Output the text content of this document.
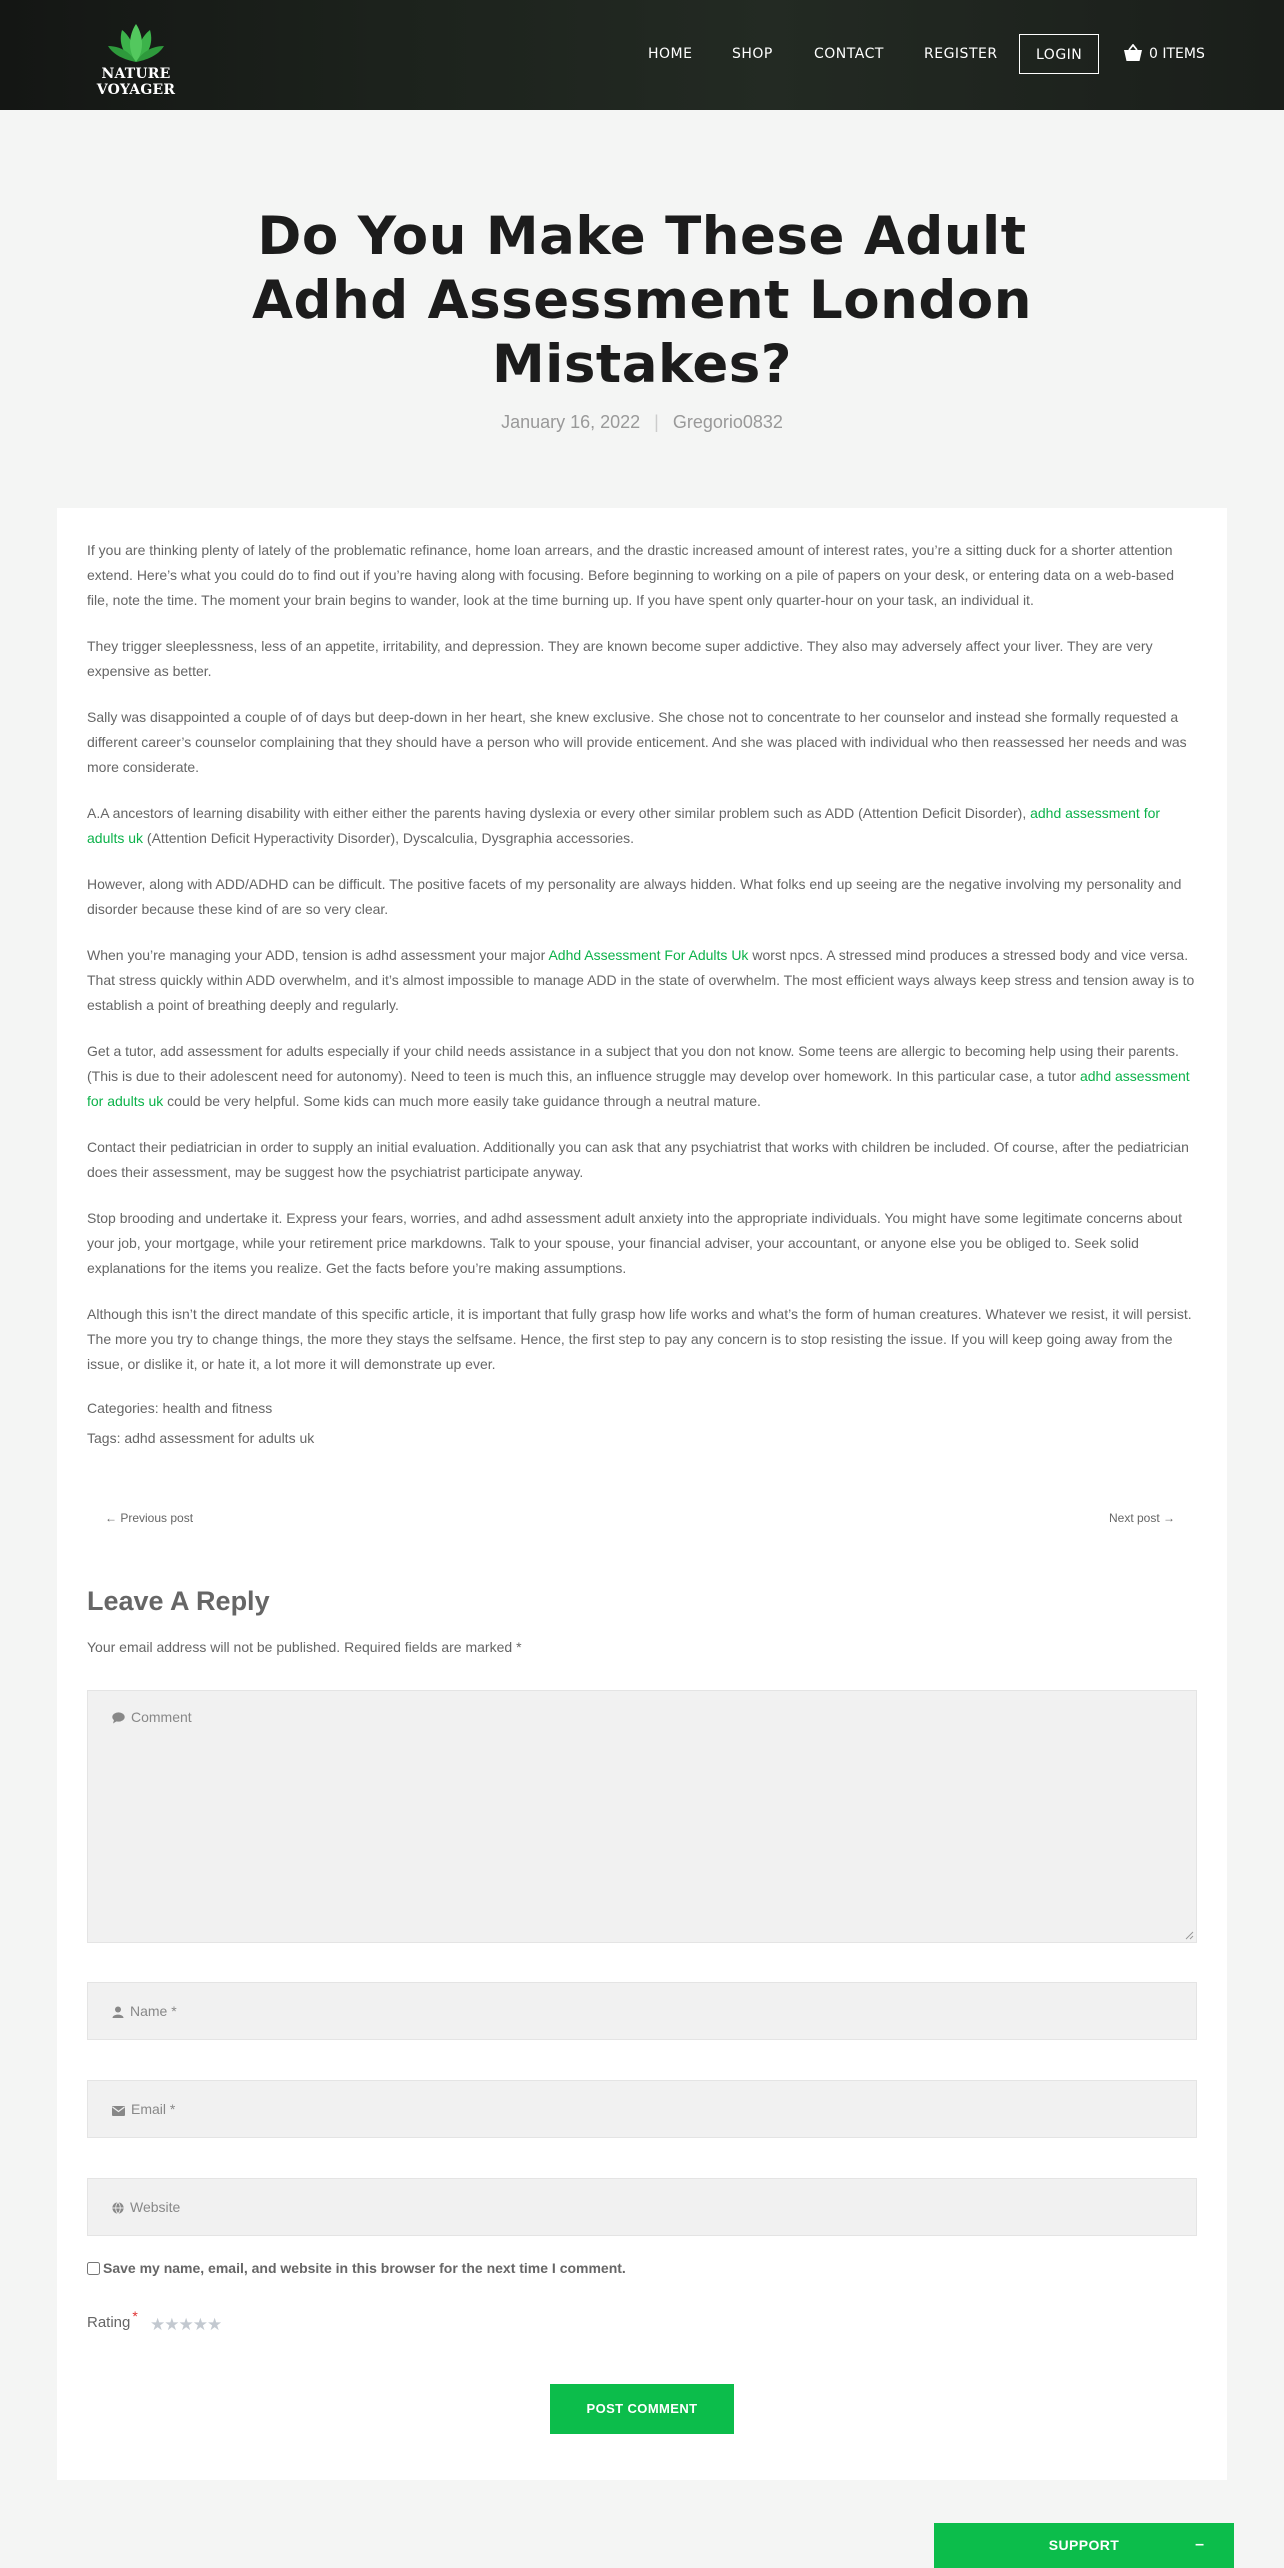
NATURE VOYAGER
HOME	SHOP	CONTACT	REGISTER	LOGIN	0 ITEMS
Do You Make These Adult Adhd Assessment London Mistakes?
January 16, 2022 | Gregorio0832

If you are thinking plenty of lately of the problematic refinance, home loan arrears, and the drastic increased amount of interest rates, you’re a sitting duck for a shorter attention extend. Here’s what you could do to find out if you’re having along with focusing. Before beginning to working on a pile of papers on your desk, or entering data on a web-based file, note the time. The moment your brain begins to wander, look at the time burning up. If you have spent only quarter-hour on your task, an individual it.

They trigger sleeplessness, less of an appetite, irritability, and depression. They are known become super addictive. They also may adversely affect your liver. They are very expensive as better.

Sally was disappointed a couple of of days but deep-down in her heart, she knew exclusive. She chose not to concentrate to her counselor and instead she formally requested a different career’s counselor complaining that they should have a person who will provide enticement. And she was placed with individual who then reassessed her needs and was more considerate.

A.A ancestors of learning disability with either either the parents having dyslexia or every other similar problem such as ADD (Attention Deficit Disorder), adhd assessment for adults uk (Attention Deficit Hyperactivity Disorder), Dyscalculia, Dysgraphia accessories.

However, along with ADD/ADHD can be difficult. The positive facets of my personality are always hidden. What folks end up seeing are the negative involving my personality and disorder because these kind of are so very clear.

When you’re managing your ADD, tension is adhd assessment your major Adhd Assessment For Adults Uk worst npcs. A stressed mind produces a stressed body and vice versa. That stress quickly within ADD overwhelm, and it’s almost impossible to manage ADD in the state of overwhelm. The most efficient ways always keep stress and tension away is to establish a point of breathing deeply and regularly.

Get a tutor, add assessment for adults especially if your child needs assistance in a subject that you don not know. Some teens are allergic to becoming help using their parents. (This is due to their adolescent need for autonomy). Need to teen is much this, an influence struggle may develop over homework. In this particular case, a tutor adhd assessment for adults uk could be very helpful. Some kids can much more easily take guidance through a neutral mature.

Contact their pediatrician in order to supply an initial evaluation. Additionally you can ask that any psychiatrist that works with children be included. Of course, after the pediatrician does their assessment, may be suggest how the psychiatrist participate anyway.

Stop brooding and undertake it. Express your fears, worries, and adhd assessment adult anxiety into the appropriate individuals. You might have some legitimate concerns about your job, your mortgage, while your retirement price markdowns. Talk to your spouse, your financial adviser, your accountant, or anyone else you be obliged to. Seek solid explanations for the items you realize. Get the facts before you’re making assumptions.

Although this isn’t the direct mandate of this specific article, it is important that fully grasp how life works and what’s the form of human creatures. Whatever we resist, it will persist. The more you try to change things, the more they stays the selfsame. Hence, the first step to pay any concern is to stop resisting the issue. If you will keep going away from the issue, or dislike it, or hate it, a lot more it will demonstrate up ever.

Categories: health and fitness
Tags: adhd assessment for adults uk
← Previous post	Next post →
Leave A Reply
Your email address will not be published. Required fields are marked *
Comment
Name *
Email *
Website
Save my name, email, and website in this browser for the next time I comment.
Rating * ★★★★★
POST COMMENT
SUPPORT	–
